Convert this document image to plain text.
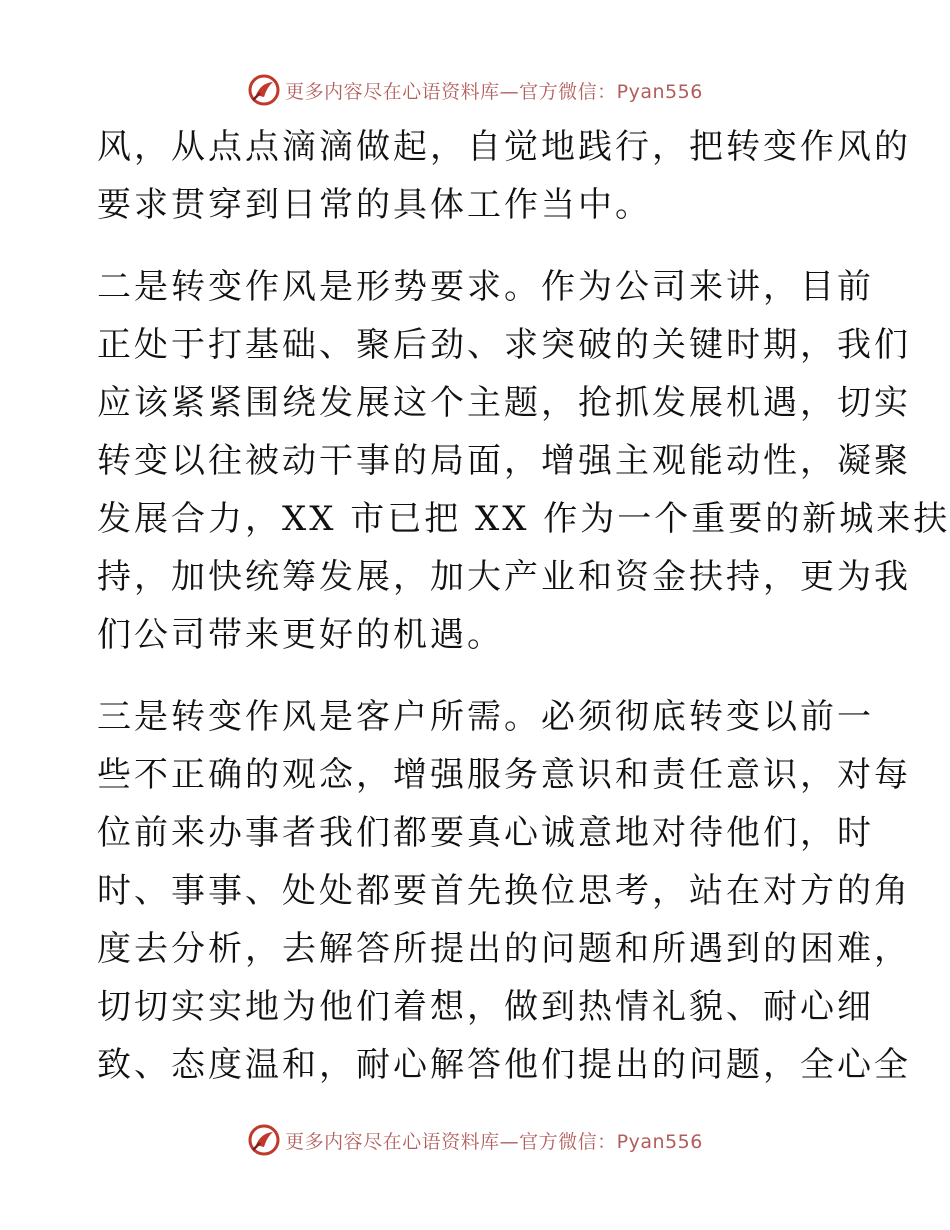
更多内容尽在心语资料库—官方微信：Pyan556
风，从点点滴滴做起，自觉地践行，把转变作风的
要求贯穿到日常的具体工作当中。
二是转变作风是形势要求。作为公司来讲，目前
正处于打基础、聚后劲、求突破的关键时期，我们
应该紧紧围绕发展这个主题，抢抓发展机遇，切实
转变以往被动干事的局面，增强主观能动性，凝聚
发展合力，XX 市已把 XX 作为一个重要的新城来扶
持，加快统筹发展，加大产业和资金扶持，更为我
们公司带来更好的机遇。
三是转变作风是客户所需。必须彻底转变以前一
些不正确的观念，增强服务意识和责任意识，对每
位前来办事者我们都要真心诚意地对待他们，时
时、事事、处处都要首先换位思考，站在对方的角
度去分析，去解答所提出的问题和所遇到的困难，
切切实实地为他们着想，做到热情礼貌、耐心细
致、态度温和，耐心解答他们提出的问题，全心全
更多内容尽在心语资料库—官方微信：Pyan556
